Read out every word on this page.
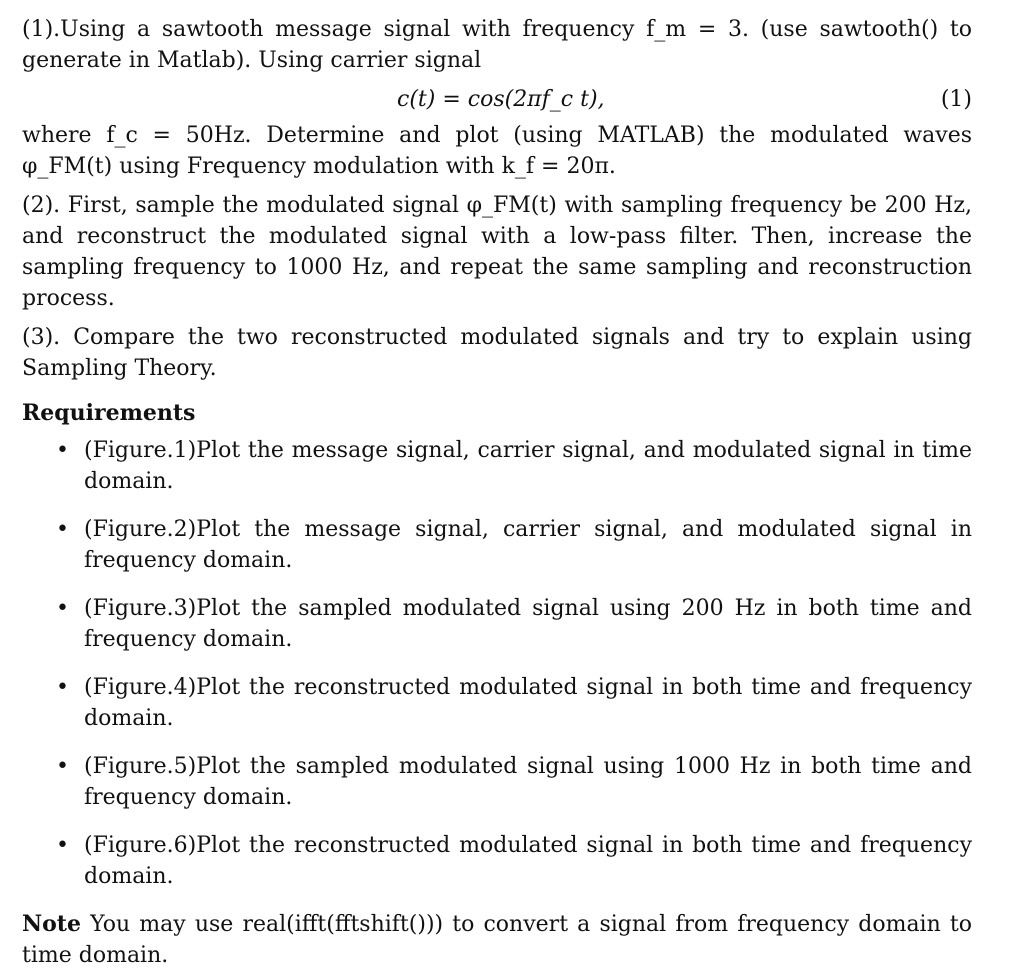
(1).Using a sawtooth message signal with frequency f_m = 3. (use sawtooth() to generate in Matlab). Using carrier signal

c(t) = cos(2πf_c t),	(1)

where f_c = 50Hz. Determine and plot (using MATLAB) the modulated waves φ_FM(t) using Frequency modulation with k_f = 20π.

(2). First, sample the modulated signal φ_FM(t) with sampling frequency be 200 Hz, and reconstruct the modulated signal with a low-pass filter. Then, increase the sampling frequency to 1000 Hz, and repeat the same sampling and reconstruction process.

(3). Compare the two reconstructed modulated signals and try to explain using Sampling Theory.

Requirements
• (Figure.1)Plot the message signal, carrier signal, and modulated signal in time domain.
• (Figure.2)Plot the message signal, carrier signal, and modulated signal in frequency domain.
• (Figure.3)Plot the sampled modulated signal using 200 Hz in both time and frequency domain.
• (Figure.4)Plot the reconstructed modulated signal in both time and frequency domain.
• (Figure.5)Plot the sampled modulated signal using 1000 Hz in both time and frequency domain.
• (Figure.6)Plot the reconstructed modulated signal in both time and frequency domain.

Note You may use real(ifft(fftshift())) to convert a signal from frequency domain to time domain.
